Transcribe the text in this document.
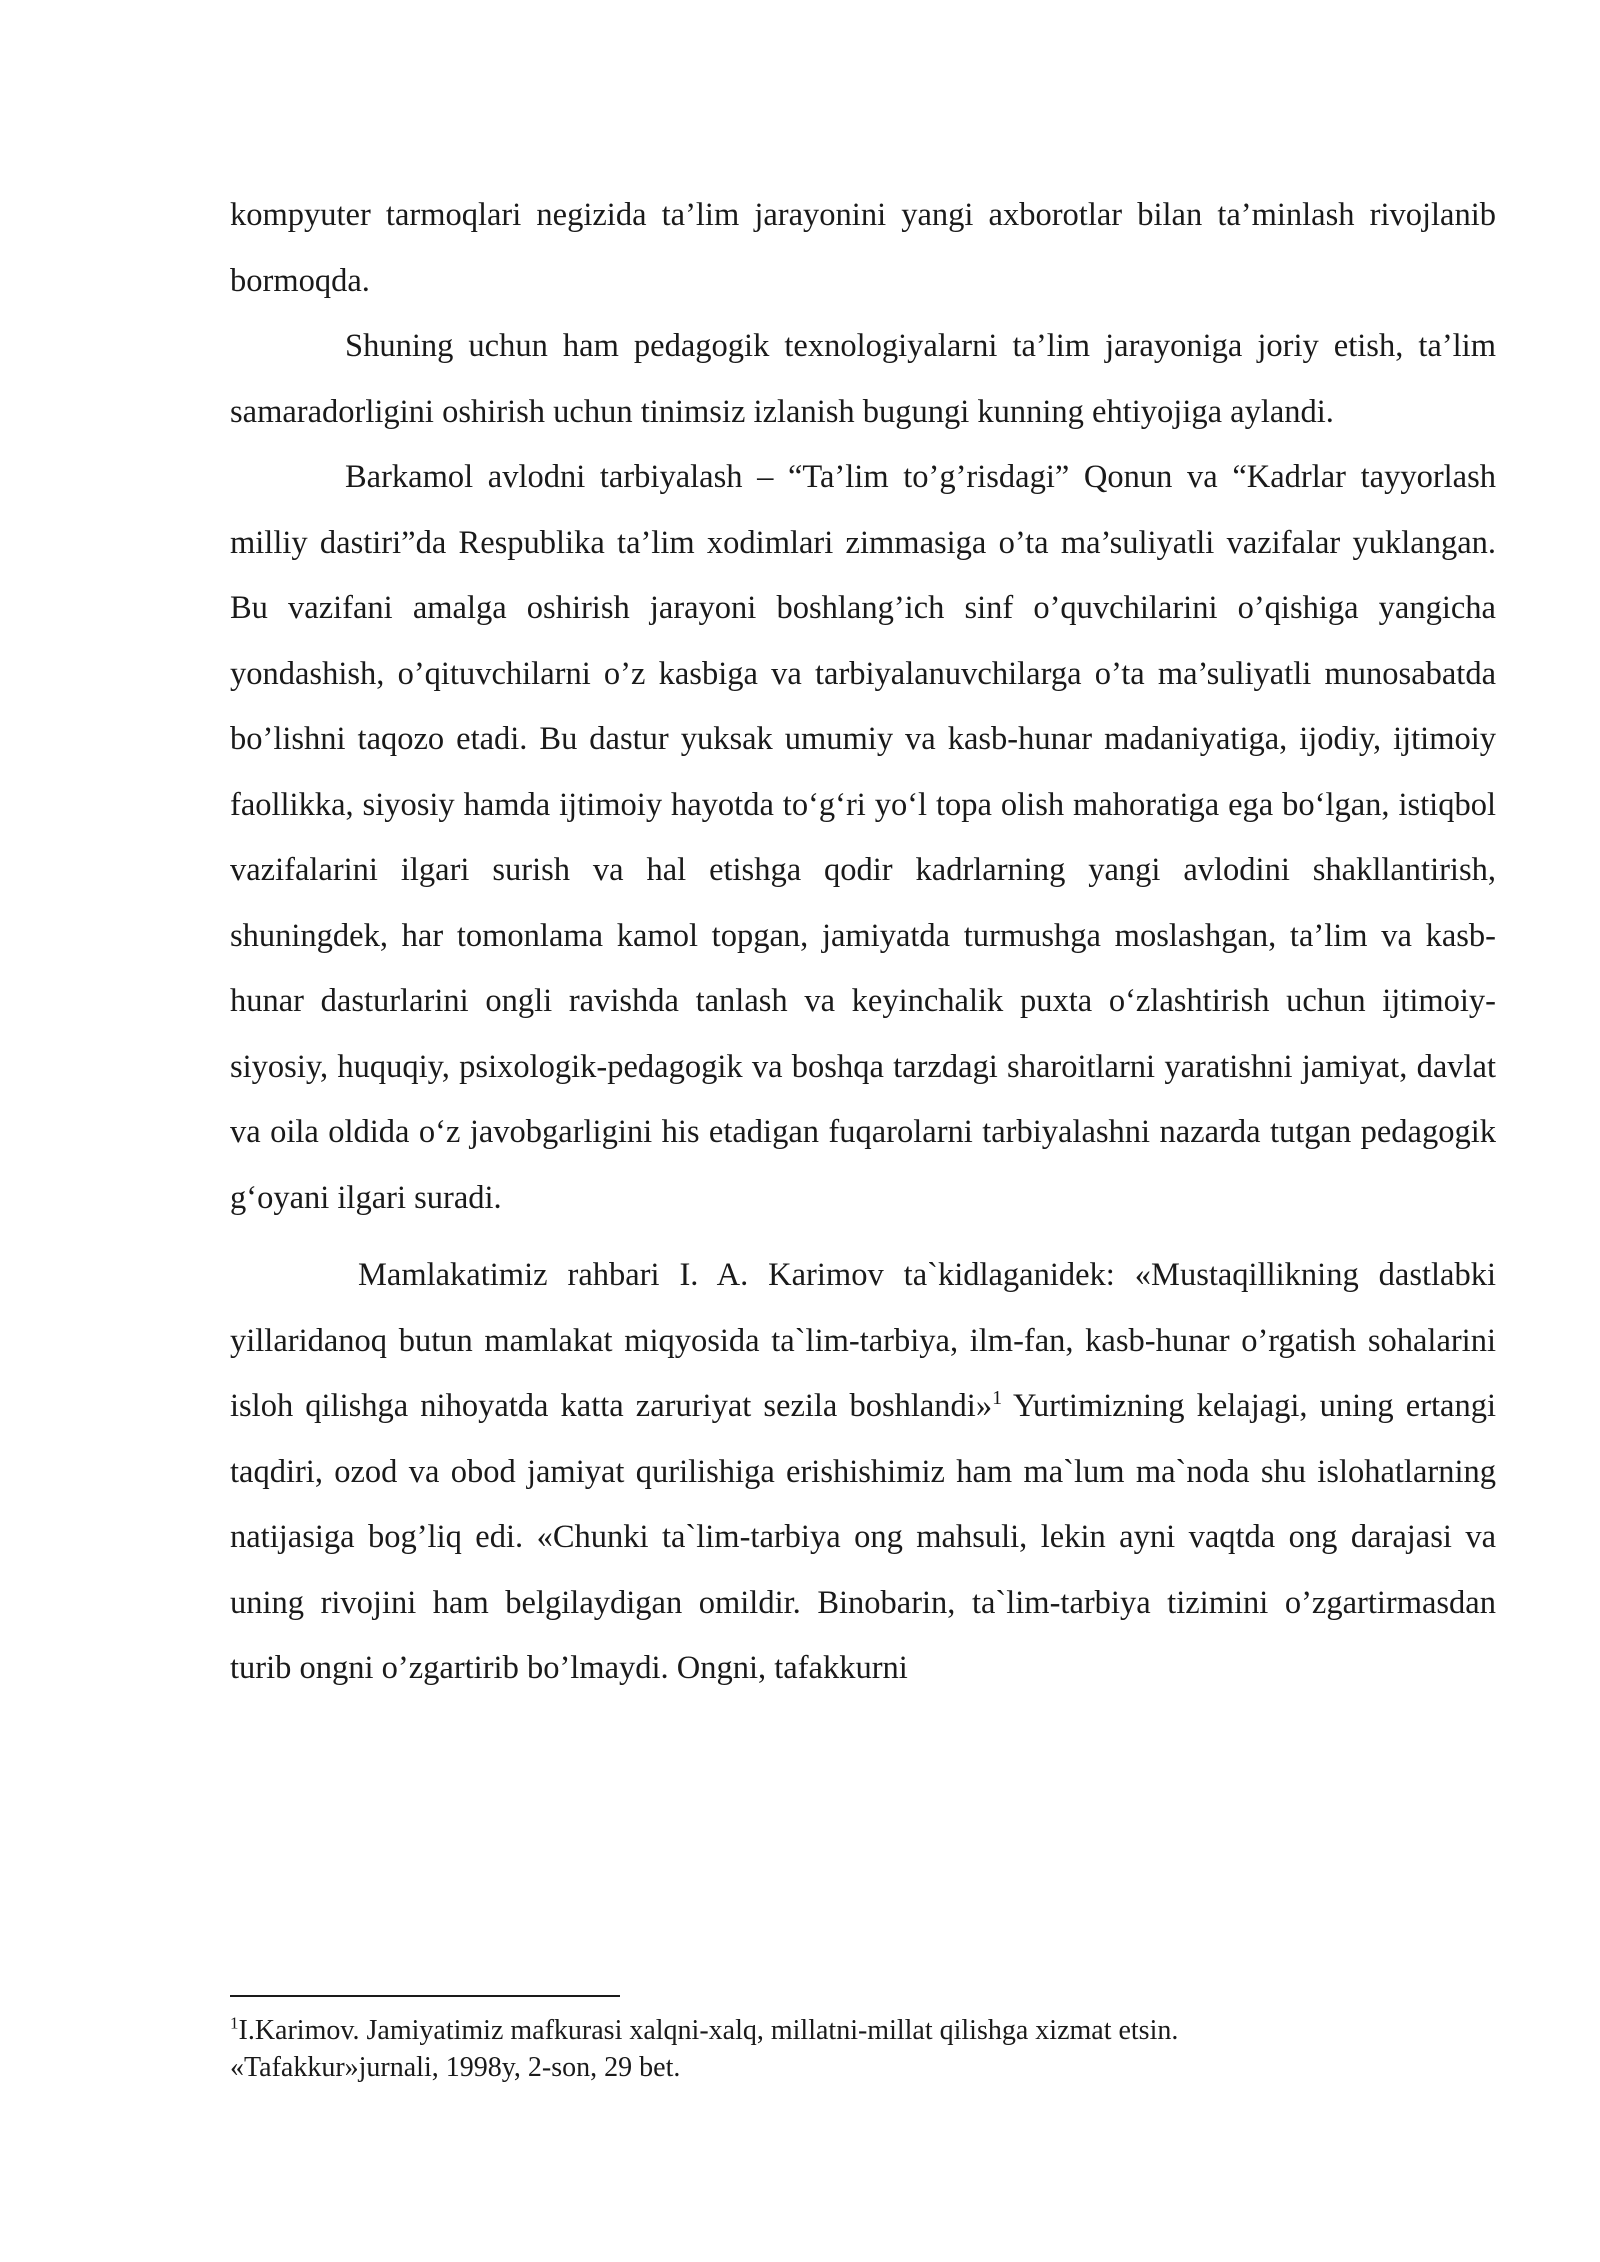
kompyuter tarmoqlari negizida ta’lim jarayonini yangi axborotlar bilan ta’minlash rivojlanib bormoqda.

Shuning uchun ham pedagogik texnologiyalarni ta’lim jarayoniga joriy etish, ta’lim samaradorligini oshirish uchun tinimsiz izlanish bugungi kunning ehtiyojiga aylandi.

Barkamol avlodni tarbiyalash – “Ta’lim to’g’risdagi” Qonun va “Kadrlar tayyorlash milliy dastiri”da Respublika ta’lim xodimlari zimmasiga o’ta ma’suliyatli vazifalar yuklangan. Bu vazifani amalga oshirish jarayoni boshlang’ich sinf o’quvchilarini o’qishiga yangicha yondashish, o’qituvchilarni o’z kasbiga va tarbiyalanuvchilarga o’ta ma’suliyatli munosabatda bo’lishni taqozo etadi. Bu dastur yuksak umumiy va kasb-hunar madaniyatiga, ijodiy, ijtimoiy faollikka, siyosiy hamda ijtimoiy hayotda to‘g‘ri yo‘l topa olish mahoratiga ega bo‘lgan, istiqbol vazifalarini ilgari surish va hal etishga qodir kadrlarning yangi avlodini shakllantirish, shuningdek, har tomonlama kamol topgan, jamiyatda turmushga moslashgan, ta’lim va kasb-hunar dasturlarini ongli ravishda tanlash va keyinchalik puxta o‘zlashtirish uchun ijtimoiy-siyosiy, huquqiy, psixologik-pedagogik va boshqa tarzdagi sharoitlarni yaratishni jamiyat, davlat va oila oldida o‘z javobgarligini his etadigan fuqarolarni tarbiyalashni nazarda tutgan pedagogik g‘oyani ilgari suradi.

Mamlakatimiz rahbari I. A. Karimov ta`kidlaganidek: «Mustaqillikning dastlabki yillaridanoq butun mamlakat miqyosida ta`lim-tarbiya, ilm-fan, kasb-hunar o’rgatish sohalarini isloh qilishga nihoyatda katta zaruriyat sezila boshlandi»$^1$ Yurtimizning kelajagi, uning ertangi taqdiri, ozod va obod jamiyat qurilishiga erishishimiz ham ma`lum ma`noda shu islohatlarning natijasiga bog’liq edi. «Chunki ta`lim-tarbiya ong mahsuli, lekin ayni vaqtda ong darajasi va uning rivojini ham belgilaydigan omildir. Binobarin, ta`lim-tarbiya tizimini o’zgartirmasdan turib ongni o’zgartirib bo’lmaydi. Ongni, tafakkurni

$^1$I.Karimov. Jamiyatimiz mafkurasi xalqni-xalq, millatni-millat qilishga xizmat etsin.

«Tafakkur»jurnali, 1998y, 2-son, 29 bet.
